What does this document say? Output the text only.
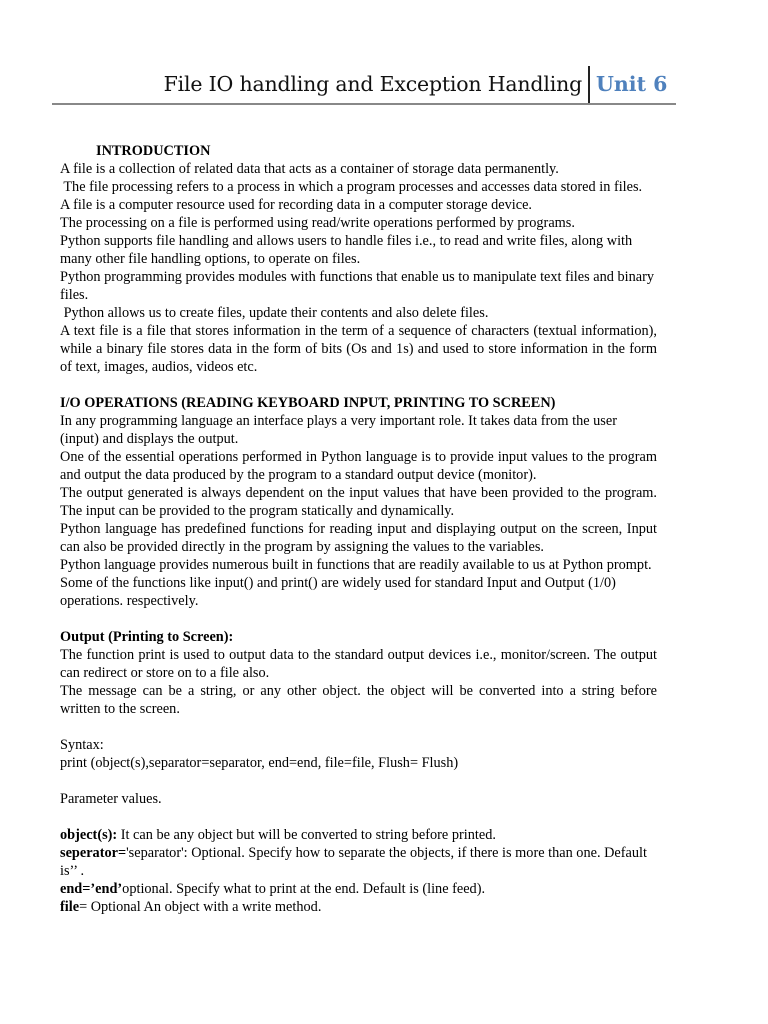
File IO handling and Exception Handling Unit 6

INTRODUCTION

A file is a collection of related data that acts as a container of storage data permanently.

The file processing refers to a process in which a program processes and accesses data stored in files.

A file is a computer resource used for recording data in a computer storage device.

The processing on a file is performed using read/write operations performed by programs.

Python supports file handling and allows users to handle files i.e., to read and write files, along with many other file handling options, to operate on files.

Python programming provides modules with functions that enable us to manipulate text files and binary files.

Python allows us to create files, update their contents and also delete files.

A text file is a file that stores information in the term of a sequence of characters (textual information), while a binary file stores data in the form of bits (Os and 1s) and used to store information in the form of text, images, audios, videos etc.

I/O OPERATIONS (READING KEYBOARD INPUT, PRINTING TO SCREEN)

In any programming language an interface plays a very important role. It takes data from the user (input) and displays the output.

One of the essential operations performed in Python language is to provide input values to the program and output the data produced by the program to a standard output device (monitor).

The output generated is always dependent on the input values that have been provided to the program. The input can be provided to the program statically and dynamically.

Python language has predefined functions for reading input and displaying output on the screen, Input can also be provided directly in the program by assigning the values to the variables.

Python language provides numerous built in functions that are readily available to us at Python prompt.

Some of the functions like input() and print() are widely used for standard Input and Output (1/0) operations. respectively.

Output (Printing to Screen):

The function print is used to output data to the standard output devices i.e., monitor/screen. The output can redirect or store on to a file also.

The message can be a string, or any other object. the object will be converted into a string before written to the screen.

Syntax:

print (object(s),separator=separator, end=end, file=file, Flush= Flush)

Parameter values.

object(s): It can be any object but will be converted to string before printed.

seperator='separator': Optional. Specify how to separate the objects, if there is more than one. Default is’’ .

end=’end’optional. Specify what to print at the end. Default is (line feed).

file= Optional An object with a write method.
